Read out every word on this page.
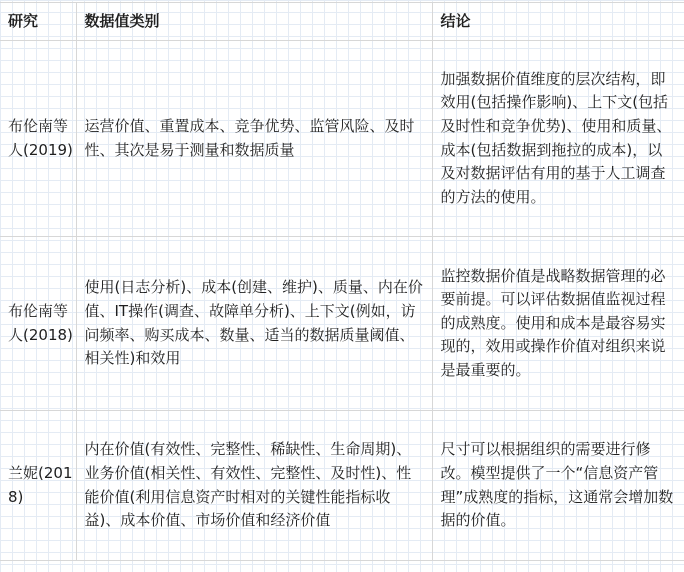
研究	数据值类别	结论
布伦南等人(2019)	运营价值、重置成本、竞争优势、监管风险、及时性、其次是易于测量和数据质量	加强数据价值维度的层次结构，即效用(包括操作影响)、上下文(包括及时性和竞争优势)、使用和质量、成本(包括数据到拖拉的成本)，以及对数据评估有用的基于人工调查的方法的使用。
布伦南等人(2018)	使用(日志分析)、成本(创建、维护)、质量、内在价值、IT操作(调查、故障单分析)、上下文(例如，访问频率、购买成本、数量、适当的数据质量阈值、相关性)和效用	监控数据价值是战略数据管理的必要前提。可以评估数据值监视过程的成熟度。使用和成本是最容易实现的，效用或操作价值对组织来说是最重要的。
兰妮(2018)	内在价值(有效性、完整性、稀缺性、生命周期)、业务价值(相关性、有效性、完整性、及时性)、性能价值(利用信息资产时相对的关键性能指标收益)、成本价值、市场价值和经济价值	尺寸可以根据组织的需要进行修改。模型提供了一个“信息资产管理”成熟度的指标，这通常会增加数据的价值。
